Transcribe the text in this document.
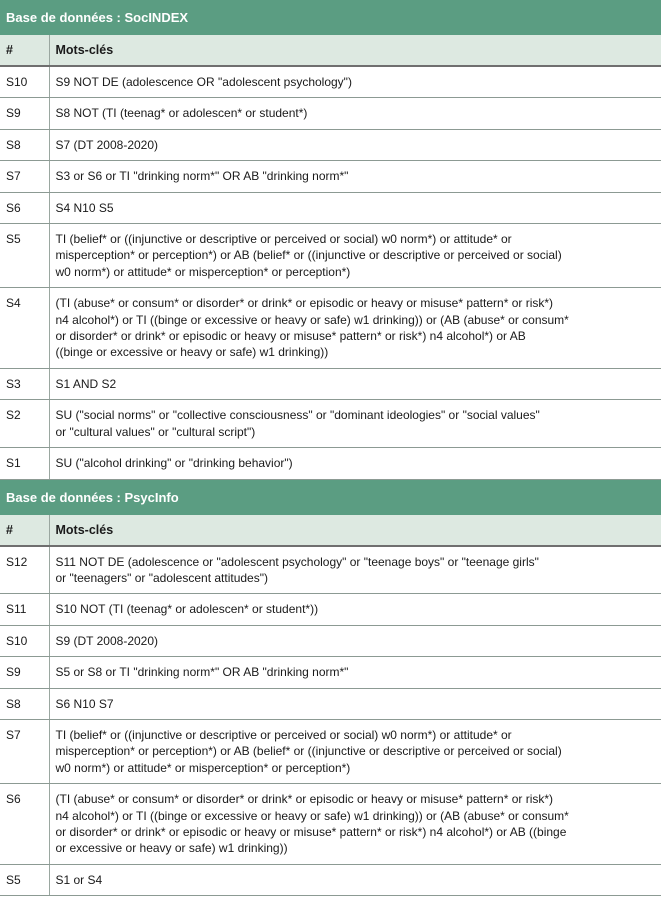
Base de données : SocINDEX	
#	Mots-clés
S10	S9 NOT DE (adolescence OR "adolescent psychology")
S9	S8 NOT (TI (teenag* or adolescen* or student*)
S8	S7 (DT 2008-2020)
S7	S3 or S6 or TI "drinking norm*" OR AB "drinking norm*"
S6	S4 N10 S5
S5	TI (belief* or ((injunctive or descriptive or perceived or social) w0 norm*) or attitude* or
misperception* or perception*) or AB (belief* or ((injunctive or descriptive or perceived or social)
w0 norm*) or attitude* or misperception* or perception*)

S4	(TI (abuse* or consum* or disorder* or drink* or episodic or heavy or misuse* pattern* or risk*)
n4 alcohol*) or TI ((binge or excessive or heavy or safe) w1 drinking)) or (AB (abuse* or consum*
or disorder* or drink* or episodic or heavy or misuse* pattern* or risk*) n4 alcohol*) or AB
((binge or excessive or heavy or safe) w1 drinking))

S3	S1 AND S2
S2	SU ("social norms" or "collective consciousness" or "dominant ideologies" or "social values"
or "cultural values" or "cultural script")

S1	SU ("alcohol drinking" or "drinking behavior")
Base de données : PsycInfo	
#	Mots-clés
S12	S11 NOT DE (adolescence or "adolescent psychology" or "teenage boys" or "teenage girls"
or "teenagers" or "adolescent attitudes")

S11	S10 NOT (TI (teenag* or adolescen* or student*))
S10	S9 (DT 2008-2020)
S9	S5 or S8 or TI "drinking norm*" OR AB "drinking norm*"
S8	S6 N10 S7
S7	TI (belief* or ((injunctive or descriptive or perceived or social) w0 norm*) or attitude* or
misperception* or perception*) or AB (belief* or ((injunctive or descriptive or perceived or social)
w0 norm*) or attitude* or misperception* or perception*)

S6	(TI (abuse* or consum* or disorder* or drink* or episodic or heavy or misuse* pattern* or risk*)
n4 alcohol*) or TI ((binge or excessive or heavy or safe) w1 drinking)) or (AB (abuse* or consum*
or disorder* or drink* or episodic or heavy or misuse* pattern* or risk*) n4 alcohol*) or AB ((binge
or excessive or heavy or safe) w1 drinking))

S5	S1 or S4
